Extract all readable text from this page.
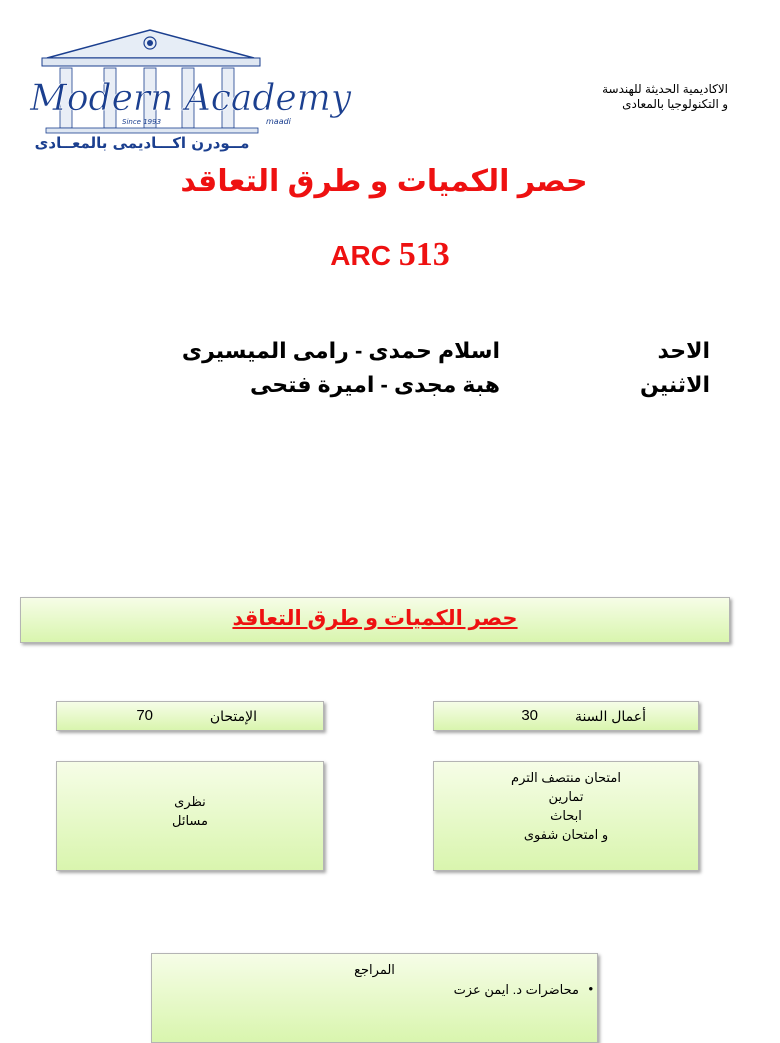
Modern Academy
Since 1993	maadi
مــودرن اكـــاديمى بالمعــادى
الاكاديمية الحديثة للهندسة
و التكنولوجيا بالمعادى
حصر الكميات و طرق التعاقد
ARC 513
الاحد
اسلام حمدى - رامى الميسيرى
الاثنين
هبة مجدى - اميرة فتحى
حصر الكميات و طرق التعاقد
الإمتحان
70	أعمال السنة
30
نظرى
مسائل
امتحان منتصف الترم
تمارين
ابحاث
و امتحان شفوى
المراجع
• محاضرات د. ايمن عزت
